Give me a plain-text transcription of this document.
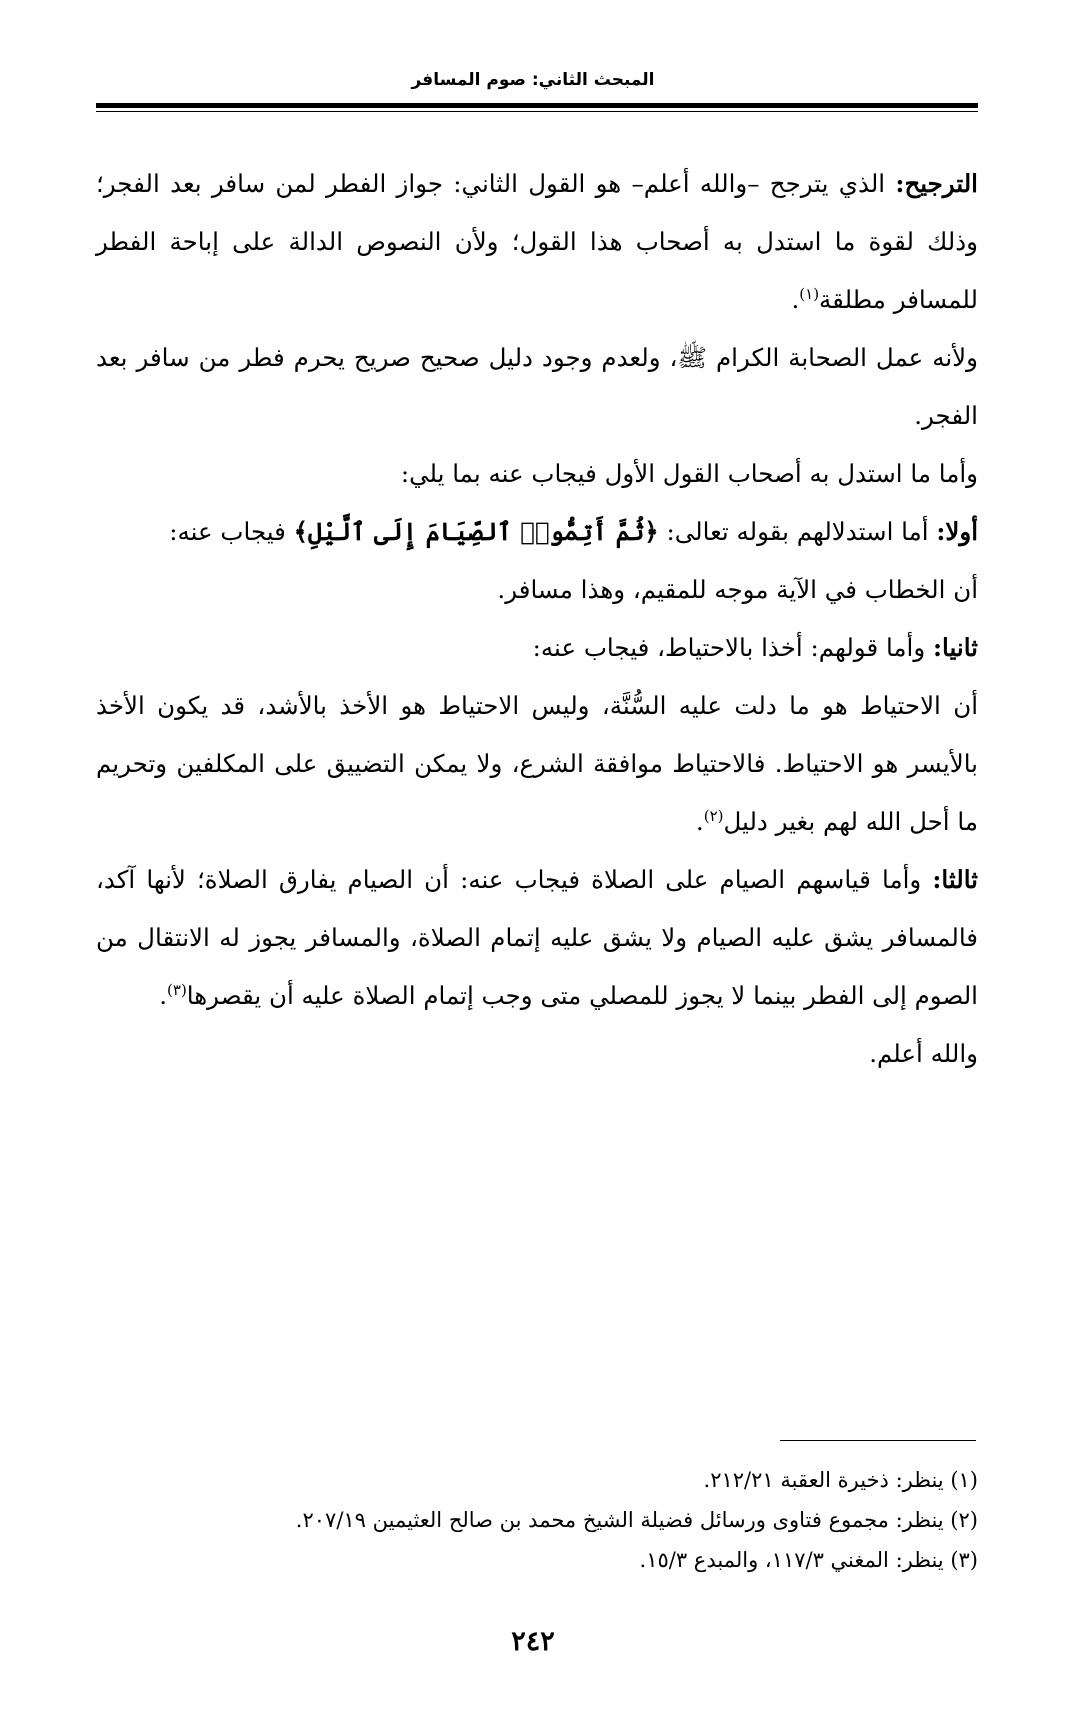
المبحث الثاني: صوم المسافر

الترجيح: الذي يترجح –والله أعلم– هو القول الثاني: جواز الفطر لمن سافر بعد الفجر؛ وذلك لقوة ما استدل به أصحاب هذا القول؛ ولأن النصوص الدالة على إباحة الفطر للمسافر مطلقة$^{(١)}$.

ولأنه عمل الصحابة الكرام ﷺ، ولعدم وجود دليل صحيح صريح يحرم فطر من سافر بعد الفجر.

وأما ما استدل به أصحاب القول الأول فيجاب عنه بما يلي:

أولا: أما استدلالهم بقوله تعالى: ﴿ثُمَّ أَتِمُّوا۟ ٱلصِّيَامَ إِلَى ٱلَّيْلِ﴾ فيجاب عنه:

أن الخطاب في الآية موجه للمقيم، وهذا مسافر.

ثانيا: وأما قولهم: أخذا بالاحتياط، فيجاب عنه:

أن الاحتياط هو ما دلت عليه السُّنَّة، وليس الاحتياط هو الأخذ بالأشد، قد يكون الأخذ بالأيسر هو الاحتياط. فالاحتياط موافقة الشرع، ولا يمكن التضييق على المكلفين وتحريم ما أحل الله لهم بغير دليل$^{(٢)}$.

ثالثا: وأما قياسهم الصيام على الصلاة فيجاب عنه: أن الصيام يفارق الصلاة؛ لأنها آكد، فالمسافر يشق عليه الصيام ولا يشق عليه إتمام الصلاة، والمسافر يجوز له الانتقال من الصوم إلى الفطر بينما لا يجوز للمصلي متى وجب إتمام الصلاة عليه أن يقصرها$^{(٣)}$.

والله أعلم.

(١) ينظر: ذخيرة العقبة ٢١٢/٢١.

(٢) ينظر: مجموع فتاوى ورسائل فضيلة الشيخ محمد بن صالح العثيمين ٢٠٧/١٩.

(٣) ينظر: المغني ١١٧/٣، والمبدع ١٥/٣.

٢٤٢
